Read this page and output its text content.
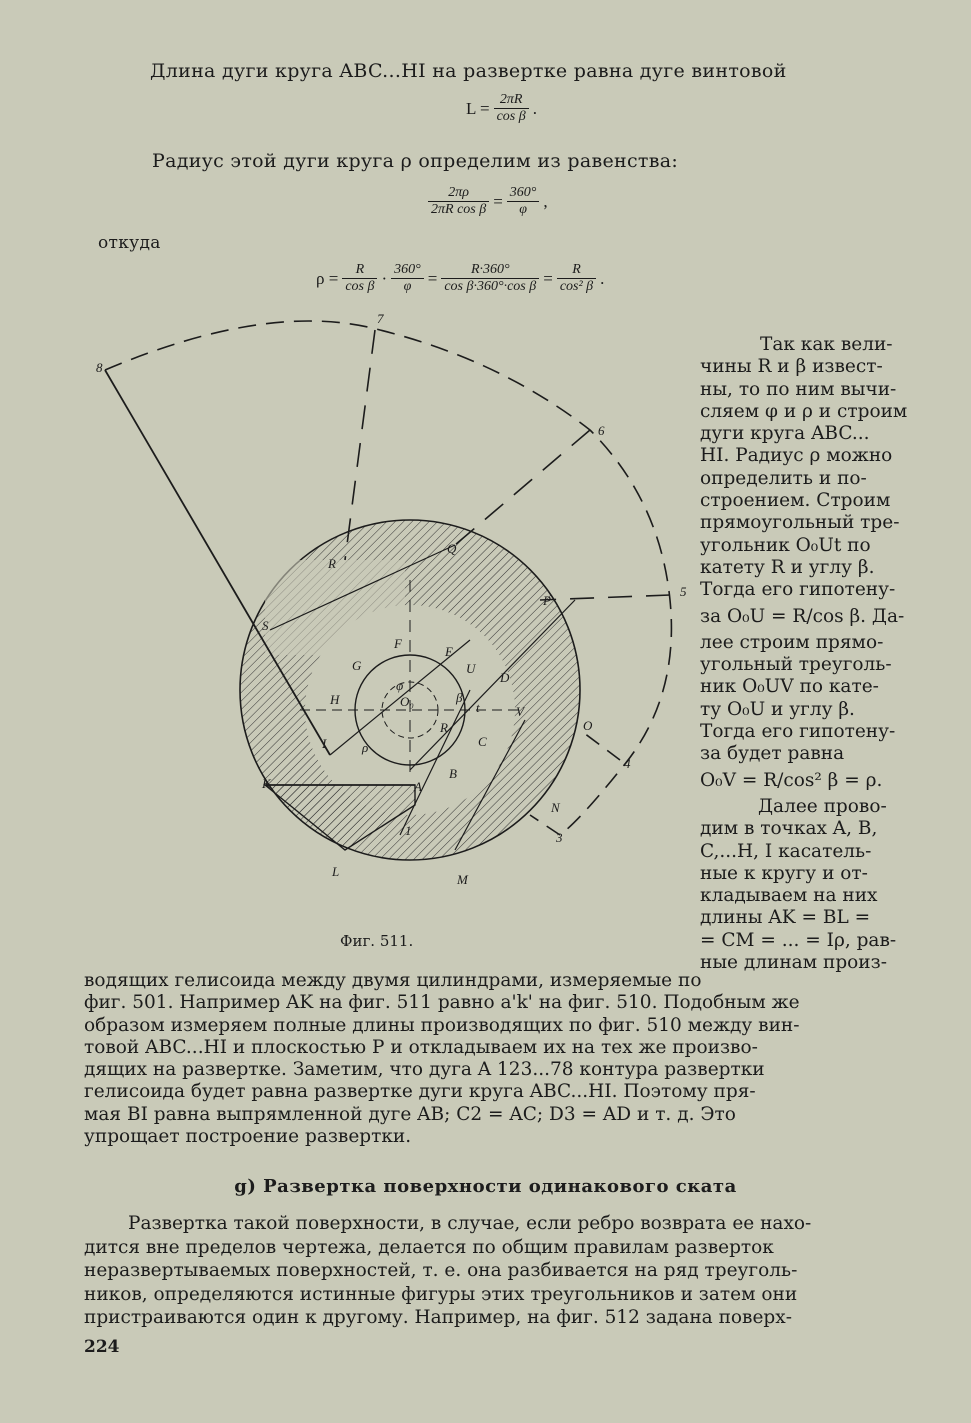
Длина дуги круга ABC...HI на развертке равна дуге винтовой
$L = \frac{2\pi R}{\text{cos β}}$ .
Радиус этой дуги круга ρ определим из равенства:
$\frac{2\pi\rho}{\text{2πR cos β}} = \frac{360^\circ}{\varphi}$ ,
откуда
$\rho = \frac{R}{\text{cos β}} \cdot \frac{360^\circ}{\varphi} = \frac{R\cdot 360^\circ}{\text{cos β·360°·cos β}} = \frac{R}{\text{cos² β}}$ .
7
8
6
5
4
3
1
R
Q
S
P
F
G
E
U
D
H
V
O
O₀
φ
β
t
R
ρ
I	C
B
A
K
N
L
M
Фиг. 511.
Так как вели-
чины R и β извест-
ны, то по ним вычи-
сляем φ и ρ и строим
дуги круга ABC...
HI. Радиус ρ можно
определить и по-
строением. Строим
прямоугольный тре-
угольник O₀Ut по
катету R и углу β.
Тогда его гипотену-
за O₀U = R/cos β. Да-
лее строим прямо-
угольный треуголь-
ник O₀UV по кате-
ту O₀U и углу β.
Тогда его гипотену-
за будет равна
O₀V = R/cos² β = ρ.
Далее прово-
дим в точках A, B,
C,...H, I касатель-
ные к кругу и от-
кладываем на них
длины AK = BL =
= CM = ... = Iρ, рав-
ные длинам произ-
водящих гелисоида между двумя цилиндрами, измеряемые по
фиг. 501. Например AK на фиг. 511 равно a'k' на фиг. 510. Подобным же
образом измеряем полные длины производящих по фиг. 510 между вин-
товой ABC...HI и плоскостью P и откладываем их на тех же произво-
дящих на развертке. Заметим, что дуга A 123...78 контура развертки
гелисоида будет равна развертке дуги круга ABC...HI. Поэтому пря-
мая BI равна выпрямленной дуге AB; C2 = AC; D3 = AD и т. д. Это
упрощает построение развертки.
g) Развертка поверхности одинакового ската
Развертка такой поверхности, в случае, если ребро возврата ее нахо-
дится вне пределов чертежа, делается по общим правилам разверток
неразвертываемых поверхностей, т. е. она разбивается на ряд треуголь-
ников, определяются истинные фигуры этих треугольников и затем они
пристраиваются один к другому. Например, на фиг. 512 задана поверх-
224
